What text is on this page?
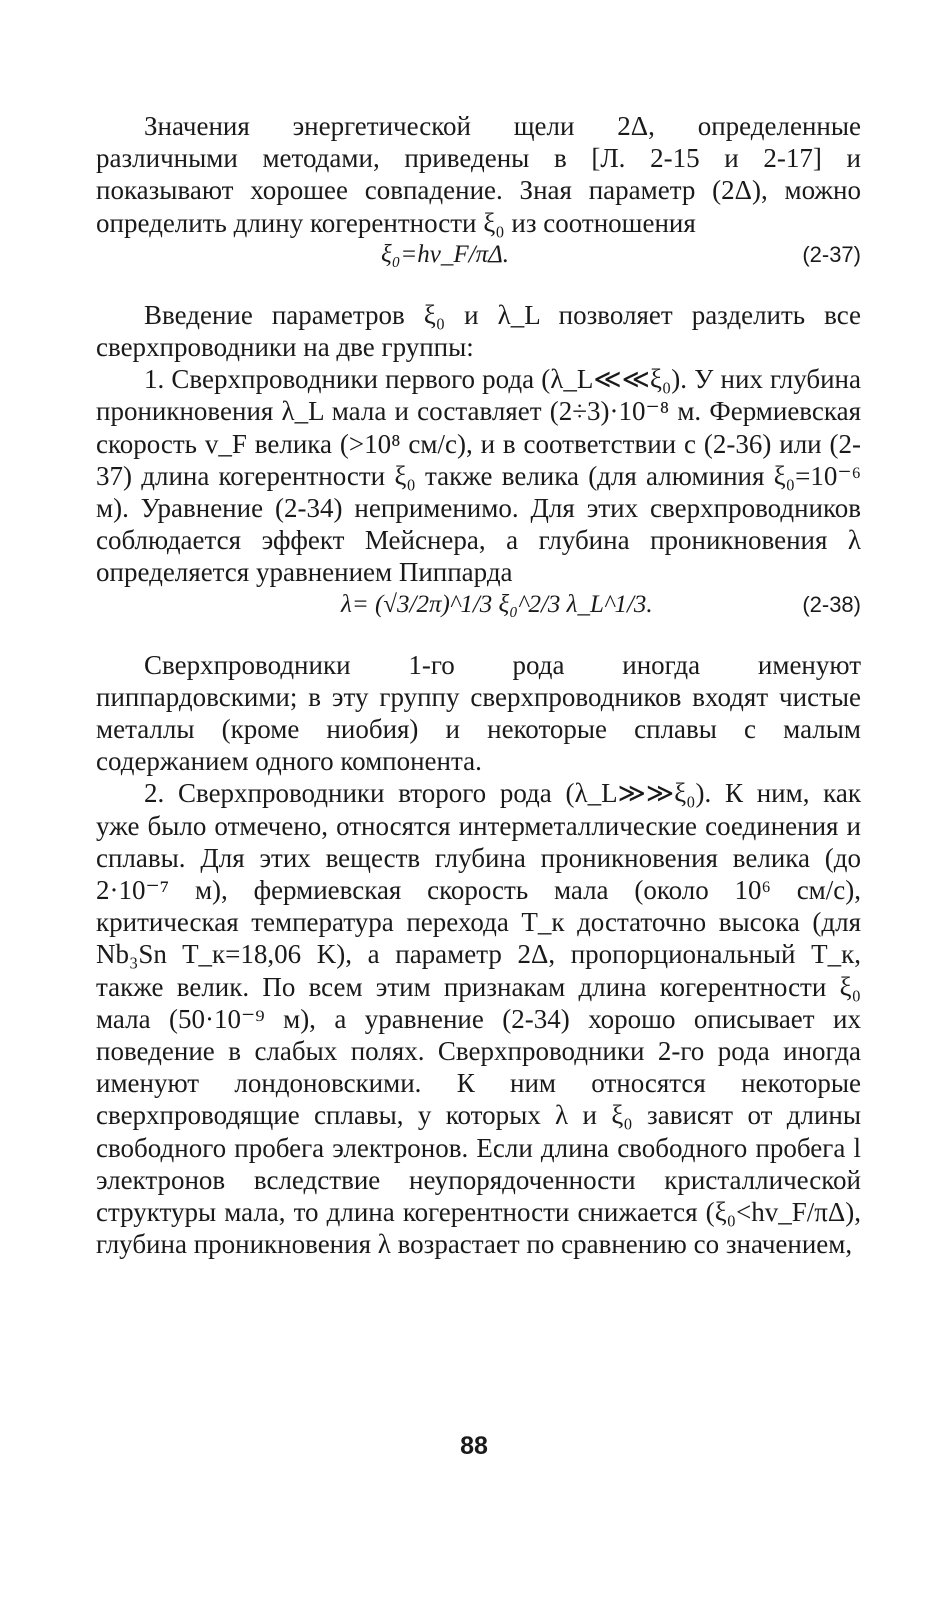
Значения энергетической щели 2Δ, определенные различными методами, приведены в [Л. 2-15 и 2-17] и показывают хорошее совпадение. Зная параметр (2Δ), можно определить длину когерентности ξ₀ из соотношения

ξ₀=hv_F/πΔ.	(2-37)

Введение параметров ξ₀ и λ_L позволяет разделить все сверхпроводники на две группы:

1. Сверхпроводники первого рода (λ_L≪≪ξ₀). У них глубина проникновения λ_L мала и составляет (2÷3)·10⁻⁸ м. Фермиевская скорость v_F велика (>10⁸ см/с), и в соответствии с (2-36) или (2-37) длина когерентности ξ₀ также велика (для алюминия ξ₀=10⁻⁶ м). Уравнение (2-34) неприменимо. Для этих сверхпроводников соблюдается эффект Мейснера, а глубина проникновения λ определяется уравнением Пиппарда

λ= (√3/2π)^1/3 ξ₀^2/3 λ_L^1/3.	(2-38)

Сверхпроводники 1-го рода иногда именуют пиппардовскими; в эту группу сверхпроводников входят чистые металлы (кроме ниобия) и некоторые сплавы с малым содержанием одного компонента.

2. Сверхпроводники второго рода (λ_L≫≫ξ₀). К ним, как уже было отмечено, относятся интерметаллические соединения и сплавы. Для этих веществ глубина проникновения велика (до 2·10⁻⁷ м), фермиевская скорость мала (около 10⁶ см/с), критическая температура перехода T_к достаточно высока (для Nb₃Sn T_к=18,06 K), а параметр 2Δ, пропорциональный T_к, также велик. По всем этим признакам длина когерентности ξ₀ мала (50·10⁻⁹ м), а уравнение (2-34) хорошо описывает их поведение в слабых полях. Сверхпроводники 2-го рода иногда именуют лондоновскими. К ним относятся некоторые сверхпроводящие сплавы, у которых λ и ξ₀ зависят от длины свободного пробега электронов. Если длина свободного пробега l электронов вследствие неупорядоченности кристаллической структуры мала, то длина когерентности снижается (ξ₀<hv_F/πΔ), глубина проникновения λ возрастает по сравнению со значением,

88
